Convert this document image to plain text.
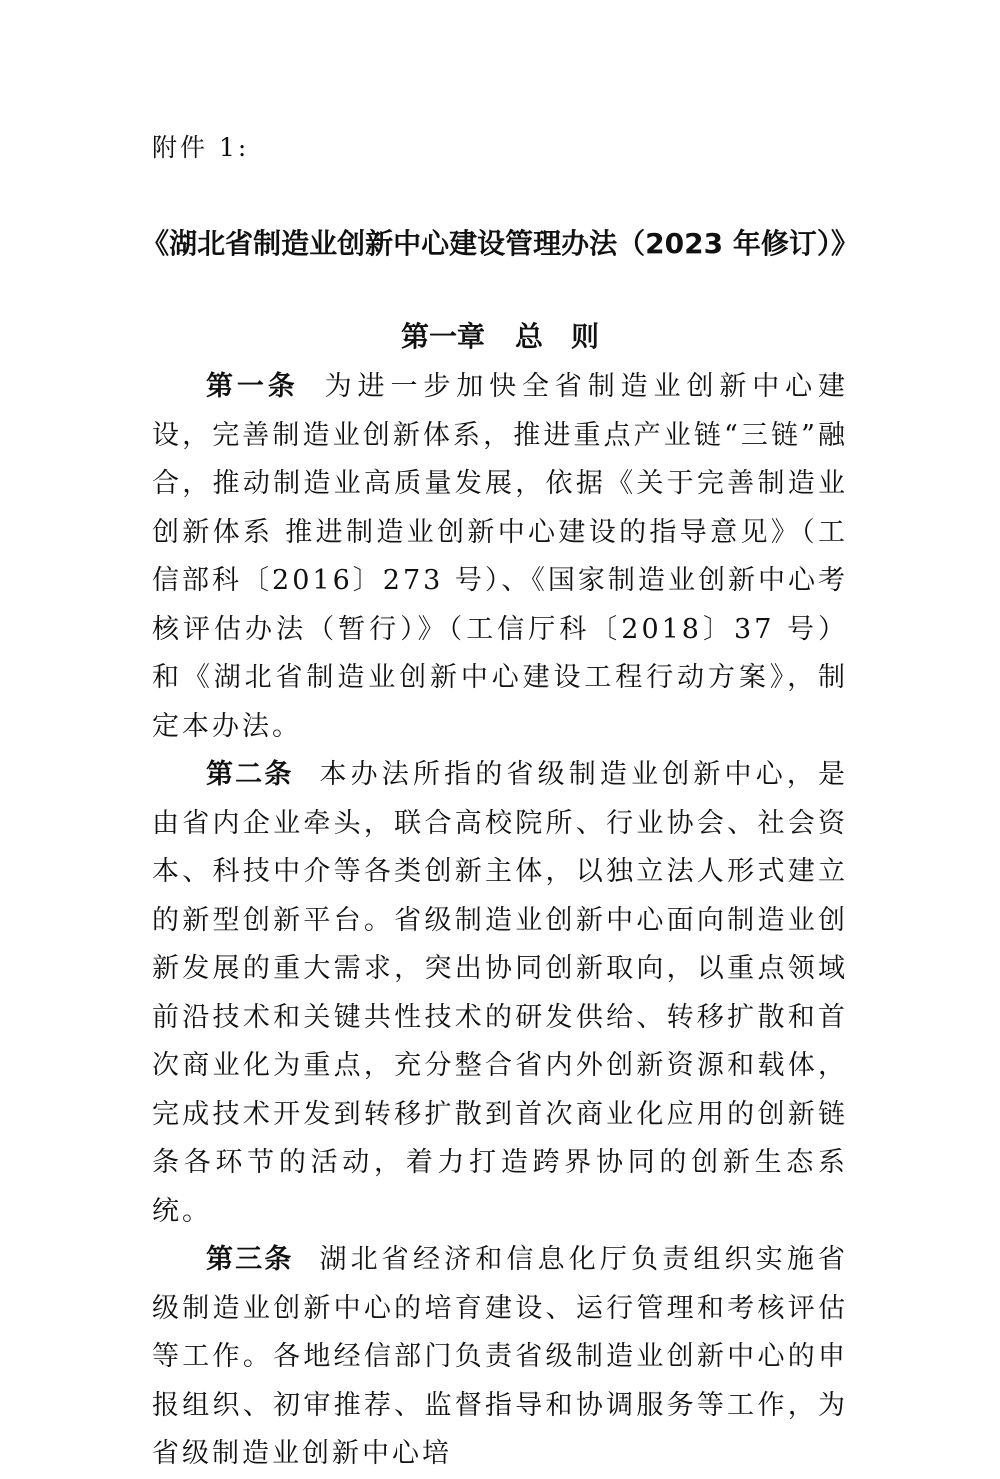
附件 1:
《湖北省制造业创新中心建设管理办法（2023 年修订）》
第一章 总　则

第一条 为进一步加快全省制造业创新中心建设，完善制造业创新体系，推进重点产业链“三链”融合，推动制造业高质量发展，依据《关于完善制造业创新体系 推进制造业创新中心建设的指导意见》（工信部科〔2016〕273 号）、《国家制造业创新中心考核评估办法（暂行）》（工信厅科〔2018〕37 号）和《湖北省制造业创新中心建设工程行动方案》，制定本办法。

第二条 本办法所指的省级制造业创新中心，是由省内企业牵头，联合高校院所、行业协会、社会资本、科技中介等各类创新主体，以独立法人形式建立的新型创新平台。省级制造业创新中心面向制造业创新发展的重大需求，突出协同创新取向，以重点领域前沿技术和关键共性技术的研发供给、转移扩散和首次商业化为重点，充分整合省内外创新资源和载体，完成技术开发到转移扩散到首次商业化应用的创新链条各环节的活动，着力打造跨界协同的创新生态系统。

第三条 湖北省经济和信息化厅负责组织实施省级制造业创新中心的培育建设、运行管理和考核评估等工作。各地经信部门负责省级制造业创新中心的申报组织、初审推荐、监督指导和协调服务等工作，为省级制造业创新中心培
